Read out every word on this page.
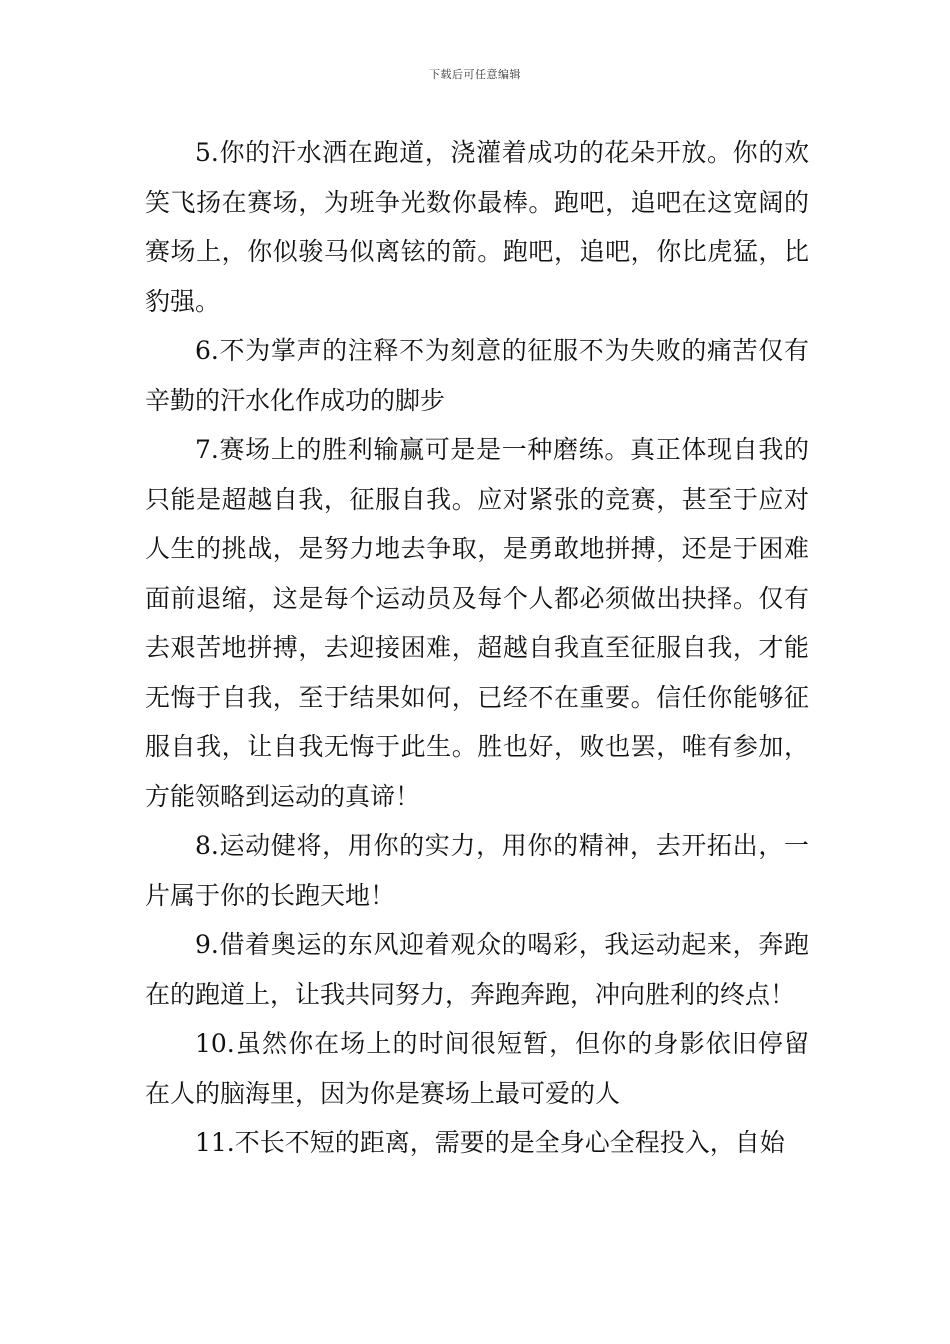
下载后可任意编辑

5.你的汗水洒在跑道，浇灌着成功的花朵开放。你的欢笑飞扬在赛场，为班争光数你最棒。跑吧，追吧在这宽阔的赛场上，你似骏马似离铉的箭。跑吧，追吧，你比虎猛，比豹强。

6.不为掌声的注释不为刻意的征服不为失败的痛苦仅有辛勤的汗水化作成功的脚步

7.赛场上的胜利输赢可是是一种磨练。真正体现自我的只能是超越自我，征服自我。应对紧张的竞赛，甚至于应对人生的挑战，是努力地去争取，是勇敢地拼搏，还是于困难面前退缩，这是每个运动员及每个人都必须做出抉择。仅有去艰苦地拼搏，去迎接困难，超越自我直至征服自我，才能无悔于自我，至于结果如何，已经不在重要。信任你能够征服自我，让自我无悔于此生。胜也好，败也罢，唯有参加，方能领略到运动的真谛！

8.运动健将，用你的实力，用你的精神，去开拓出，一片属于你的长跑天地！

9.借着奥运的东风迎着观众的喝彩，我运动起来，奔跑在的跑道上，让我共同努力，奔跑奔跑，冲向胜利的终点！

10.虽然你在场上的时间很短暂，但你的身影依旧停留在人的脑海里，因为你是赛场上最可爱的人

11.不长不短的距离，需要的是全身心全程投入，自始
